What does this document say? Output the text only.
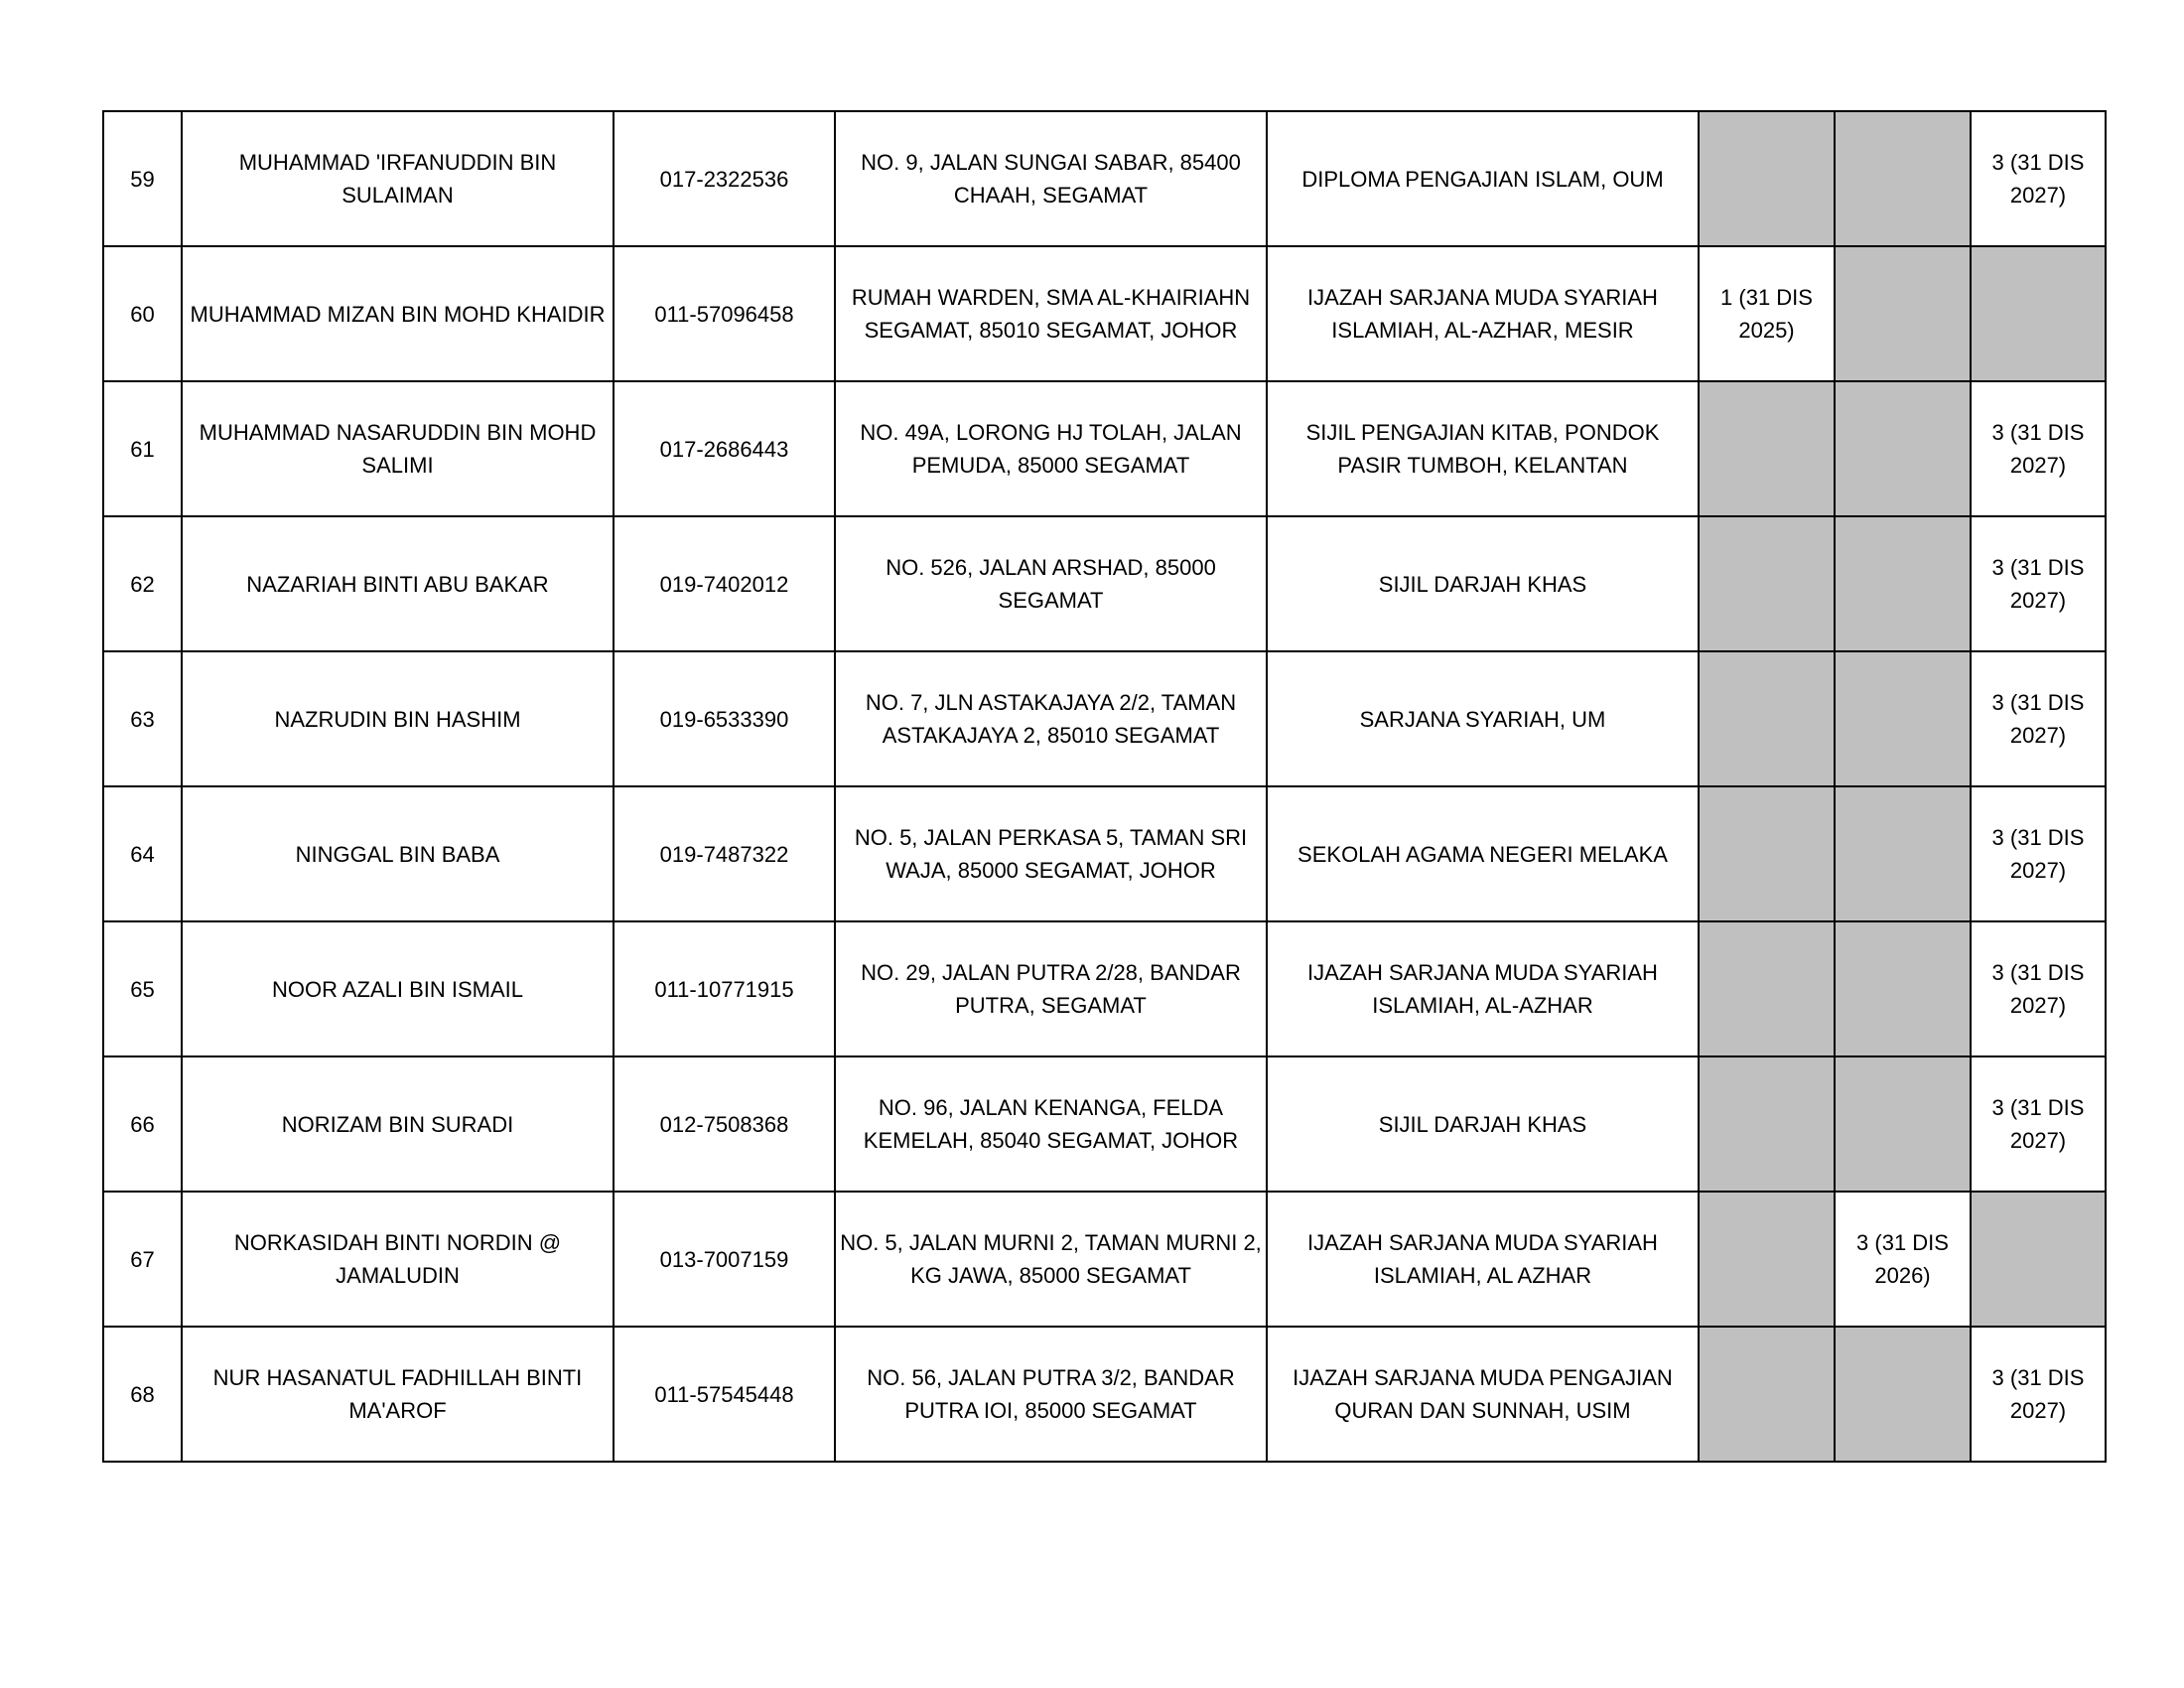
59	MUHAMMAD 'IRFANUDDIN BIN SULAIMAN	017-2322536	NO. 9, JALAN SUNGAI SABAR, 85400 CHAAH, SEGAMAT	DIPLOMA PENGAJIAN ISLAM, OUM			3 (31 DIS 2027)
60	MUHAMMAD MIZAN BIN MOHD KHAIDIR	011-57096458	RUMAH WARDEN, SMA AL-KHAIRIAHN SEGAMAT, 85010 SEGAMAT, JOHOR	IJAZAH SARJANA MUDA SYARIAH ISLAMIAH, AL-AZHAR, MESIR	1 (31 DIS 2025)		
61	MUHAMMAD NASARUDDIN BIN MOHD SALIMI	017-2686443	NO. 49A, LORONG HJ TOLAH, JALAN PEMUDA, 85000 SEGAMAT	SIJIL PENGAJIAN KITAB, PONDOK PASIR TUMBOH, KELANTAN			3 (31 DIS 2027)
62	NAZARIAH BINTI ABU BAKAR	019-7402012	NO. 526, JALAN ARSHAD, 85000 SEGAMAT	SIJIL DARJAH KHAS			3 (31 DIS 2027)
63	NAZRUDIN BIN HASHIM	019-6533390	NO. 7, JLN ASTAKAJAYA 2/2, TAMAN ASTAKAJAYA 2, 85010 SEGAMAT	SARJANA SYARIAH, UM			3 (31 DIS 2027)
64	NINGGAL BIN BABA	019-7487322	NO. 5, JALAN PERKASA 5, TAMAN SRI WAJA, 85000 SEGAMAT, JOHOR	SEKOLAH AGAMA NEGERI MELAKA			3 (31 DIS 2027)
65	NOOR AZALI BIN ISMAIL	011-10771915	NO. 29, JALAN PUTRA 2/28, BANDAR PUTRA, SEGAMAT	IJAZAH SARJANA MUDA SYARIAH ISLAMIAH, AL-AZHAR			3 (31 DIS 2027)
66	NORIZAM BIN SURADI	012-7508368	NO. 96, JALAN KENANGA, FELDA KEMELAH, 85040 SEGAMAT, JOHOR	SIJIL DARJAH KHAS			3 (31 DIS 2027)
67	NORKASIDAH BINTI NORDIN @ JAMALUDIN	013-7007159	NO. 5, JALAN MURNI 2, TAMAN MURNI 2, KG JAWA, 85000 SEGAMAT	IJAZAH SARJANA MUDA SYARIAH ISLAMIAH, AL AZHAR		3 (31 DIS 2026)	
68	NUR HASANATUL FADHILLAH BINTI MA'AROF	011-57545448	NO. 56, JALAN PUTRA 3/2, BANDAR PUTRA IOI, 85000 SEGAMAT	IJAZAH SARJANA MUDA PENGAJIAN QURAN DAN SUNNAH, USIM			3 (31 DIS 2027)
